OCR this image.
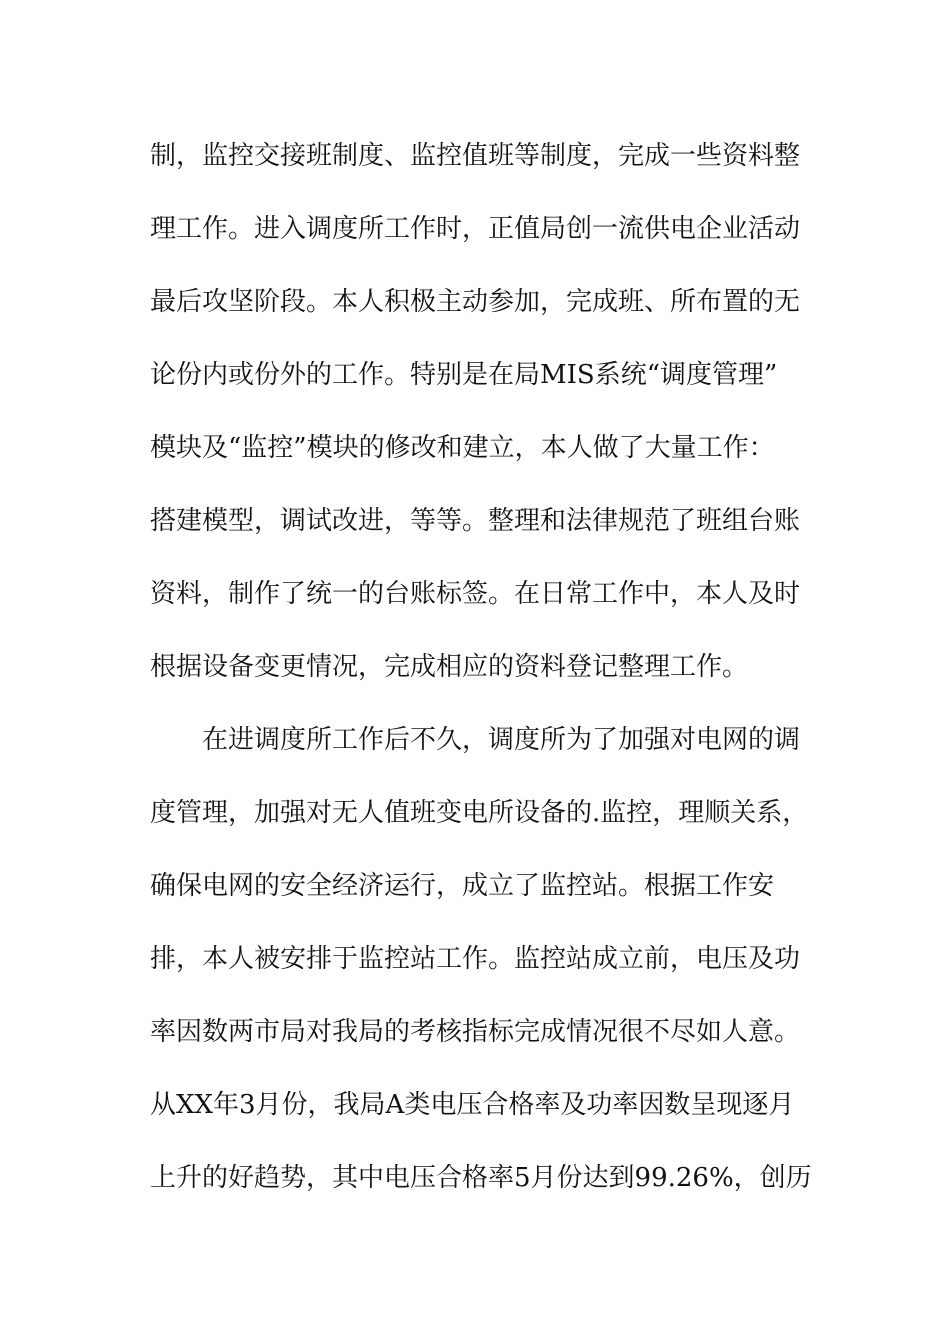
制，监控交接班制度、监控值班等制度，完成一些资料整
理工作。进入调度所工作时，正值局创一流供电企业活动
最后攻坚阶段。本人积极主动参加，完成班、所布置的无
论份内或份外的工作。特别是在局MIS系统“调度管理”
模块及“监控”模块的修改和建立，本人做了大量工作：
搭建模型，调试改进，等等。整理和法律规范了班组台账
资料，制作了统一的台账标签。在日常工作中，本人及时
根据设备变更情况，完成相应的资料登记整理工作。
在进调度所工作后不久，调度所为了加强对电网的调
度管理，加强对无人值班变电所设备的.监控，理顺关系，
确保电网的安全经济运行，成立了监控站。根据工作安
排，本人被安排于监控站工作。监控站成立前，电压及功
率因数两市局对我局的考核指标完成情况很不尽如人意。
从XX年3月份，我局A类电压合格率及功率因数呈现逐月
上升的好趋势，其中电压合格率5月份达到99.26%，创历
